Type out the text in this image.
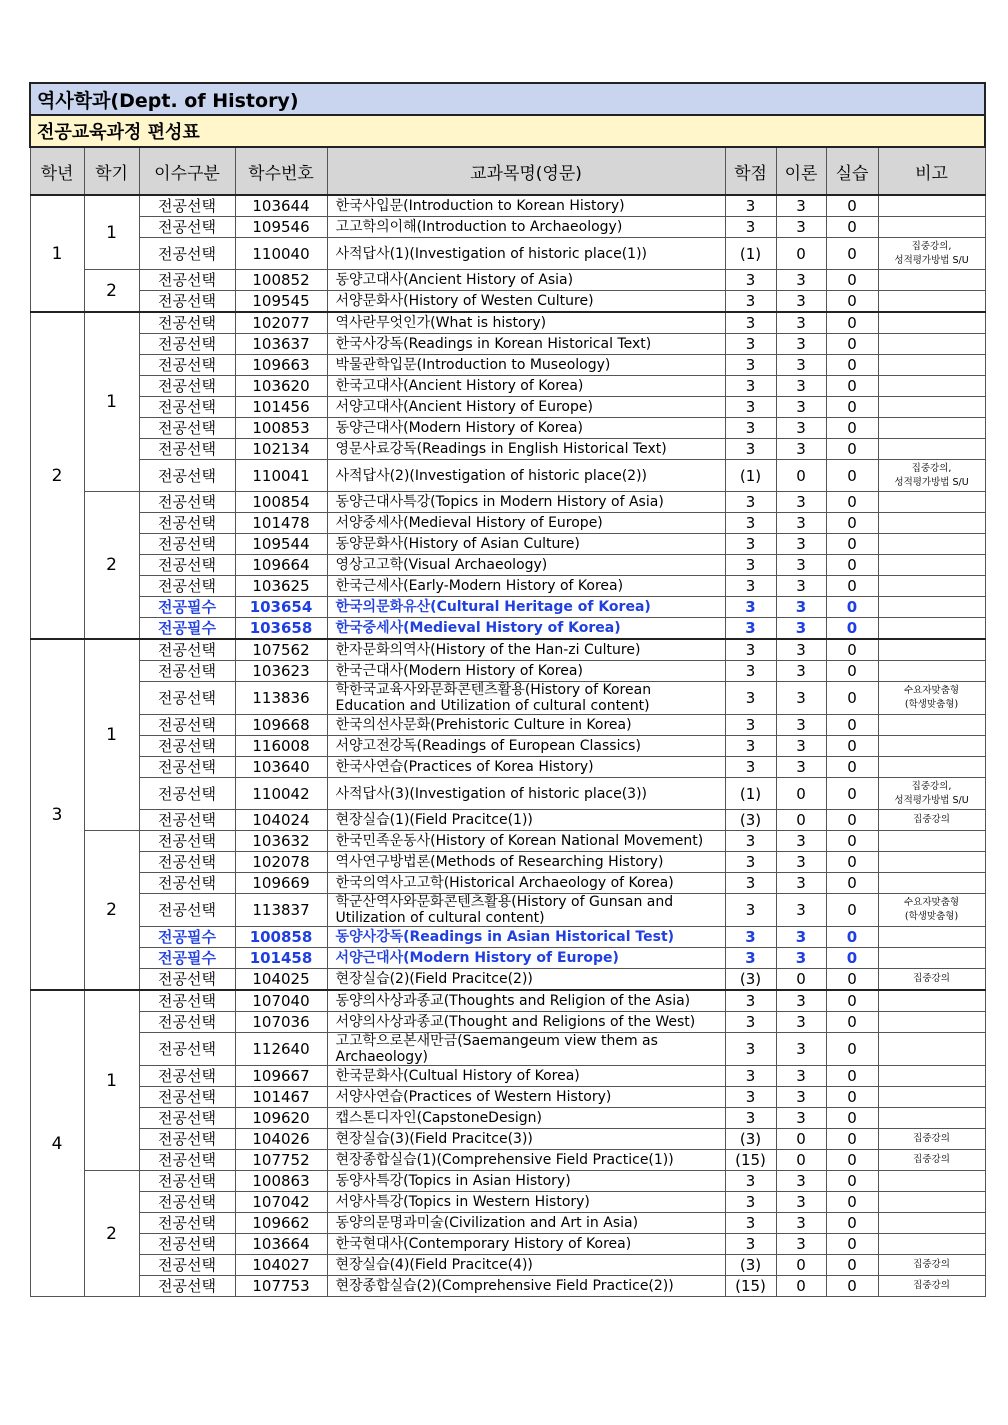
역사학과(Dept. of History)								
전공교육과정 편성표								
학년	학기	이수구분	학수번호	교과목명(영문)	학점	이론	실습	비고
1	1	전공선택	103644	한국사입문(Introduction to Korean History)	3	3	0	
		전공선택	109546	고고학의이해(Introduction to Archaeology)	3	3	0	
		전공선택	110040	사적답사(1)(Investigation of historic place(1))	(1)	0	0	집중강의,
성적평가방법 S/U
	2	전공선택	100852	동양고대사(Ancient History of Asia)	3	3	0	
		전공선택	109545	서양문화사(History of Westen Culture)	3	3	0	
2	1	전공선택	102077	역사란무엇인가(What is history)	3	3	0	
		전공선택	103637	한국사강독(Readings in Korean Historical Text)	3	3	0	
		전공선택	109663	박물관학입문(Introduction to Museology)	3	3	0	
		전공선택	103620	한국고대사(Ancient History of Korea)	3	3	0	
		전공선택	101456	서양고대사(Ancient History of Europe)	3	3	0	
		전공선택	100853	동양근대사(Modern History of Korea)	3	3	0	
		전공선택	102134	영문사료강독(Readings in English Historical Text)	3	3	0	
		전공선택	110041	사적답사(2)(Investigation of historic place(2))	(1)	0	0	집중강의,
성적평가방법 S/U
	2	전공선택	100854	동양근대사특강(Topics in Modern History of Asia)	3	3	0	
		전공선택	101478	서양중세사(Medieval History of Europe)	3	3	0	
		전공선택	109544	동양문화사(History of Asian Culture)	3	3	0	
		전공선택	109664	영상고고학(Visual Archaeology)	3	3	0	
		전공선택	103625	한국근세사(Early-Modern History of Korea)	3	3	0	
		전공필수	103654	한국의문화유산(Cultural Heritage of Korea)	3	3	0	
		전공필수	103658	한국중세사(Medieval History of Korea)	3	3	0	
3	1	전공선택	107562	한자문화의역사(History of the Han-zi Culture)	3	3	0	
		전공선택	103623	한국근대사(Modern History of Korea)	3	3	0	
		전공선택	113836	학한국교육사와문화콘텐츠활용(History of Korean Education and Utilization of cultural content)	3	3	0	수요자맞춤형
(학생맞춤형)
		전공선택	109668	한국의선사문화(Prehistoric Culture in Korea)	3	3	0	
		전공선택	116008	서양고전강독(Readings of European Classics)	3	3	0	
		전공선택	103640	한국사연습(Practices of Korea History)	3	3	0	
		전공선택	110042	사적답사(3)(Investigation of historic place(3))	(1)	0	0	집중강의,
성적평가방법 S/U
		전공선택	104024	현장실습(1)(Field Pracitce(1))	(3)	0	0	집중강의
	2	전공선택	103632	한국민족운동사(History of Korean National Movement)	3	3	0	
		전공선택	102078	역사연구방법론(Methods of Researching History)	3	3	0	
		전공선택	109669	한국의역사고고학(Historical Archaeology of Korea)	3	3	0	
		전공선택	113837	학군산역사와문화콘텐츠활용(History of Gunsan and Utilization of cultural content)	3	3	0	수요자맞춤형
(학생맞춤형)
		전공필수	100858	동양사강독(Readings in Asian Historical Test)	3	3	0	
		전공필수	101458	서양근대사(Modern History of Europe)	3	3	0	
		전공선택	104025	현장실습(2)(Field Pracitce(2))	(3)	0	0	집중강의
4	1	전공선택	107040	동양의사상과종교(Thoughts and Religion of the Asia)	3	3	0	
		전공선택	107036	서양의사상과종교(Thought and Religions of the West)	3	3	0	
		전공선택	112640	고고학으로본새만금(Saemangeum view them as Archaeology)	3	3	0	
		전공선택	109667	한국문화사(Cultual History of Korea)	3	3	0	
		전공선택	101467	서양사연습(Practices of Western History)	3	3	0	
		전공선택	109620	캡스톤디자인(CapstoneDesign)	3	3	0	
		전공선택	104026	현장실습(3)(Field Pracitce(3))	(3)	0	0	집중강의
		전공선택	107752	현장종합실습(1)(Comprehensive Field Practice(1))	(15)	0	0	집중강의
	2	전공선택	100863	동양사특강(Topics in Asian History)	3	3	0	
		전공선택	107042	서양사특강(Topics in Western History)	3	3	0	
		전공선택	109662	동양의문명과미술(Civilization and Art in Asia)	3	3	0	
		전공선택	103664	한국현대사(Contemporary History of Korea)	3	3	0	
		전공선택	104027	현장실습(4)(Field Pracitce(4))	(3)	0	0	집중강의
		전공선택	107753	현장종합실습(2)(Comprehensive Field Practice(2))	(15)	0	0	집중강의
